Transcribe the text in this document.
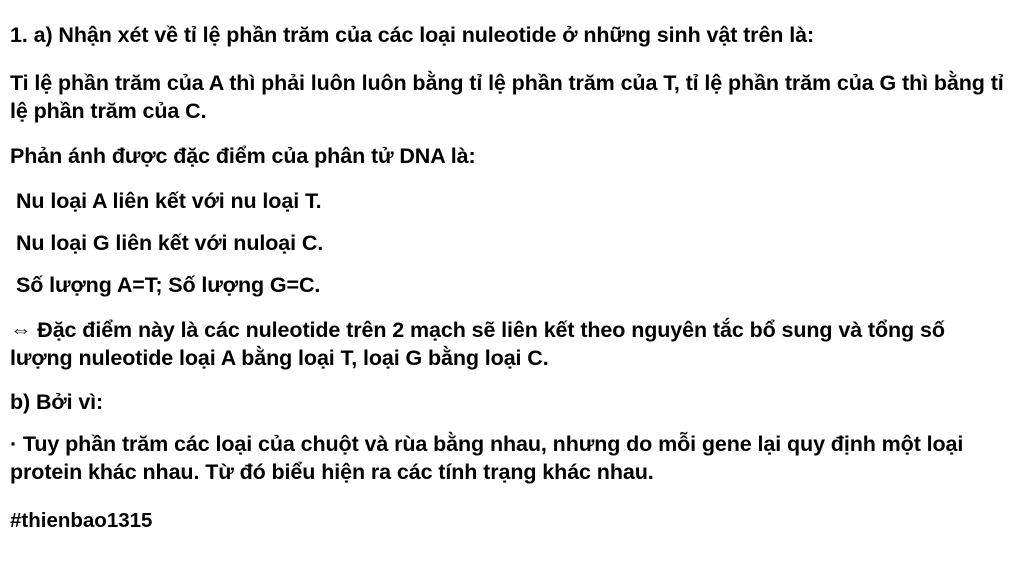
1. a) Nhận xét về tỉ lệ phần trăm của các loại nuleotide ở những sinh vật trên là:

Ti lệ phần trăm của A thì phải luôn luôn bằng tỉ lệ phần trăm của T, tỉ lệ phần trăm của G thì bằng tỉ lệ phần trăm của C.

Phản ánh được đặc điểm của phân tử DNA là:

Nu loại A liên kết với nu loại T.

Nu loại G liên kết với nuloại C.

Số lượng A=T; Số lượng G=C.

⇔ Đặc điểm này là các nuleotide trên 2 mạch sẽ liên kết theo nguyên tắc bổ sung và tổng số lượng nuleotide loại A bằng loại T, loại G bằng loại C.

b) Bởi vì:

· Tuy phần trăm các loại của chuột và rùa bằng nhau, nhưng do mỗi gene lại quy định một loại protein khác nhau. Từ đó biểu hiện ra các tính trạng khác nhau.

#thienbao1315
